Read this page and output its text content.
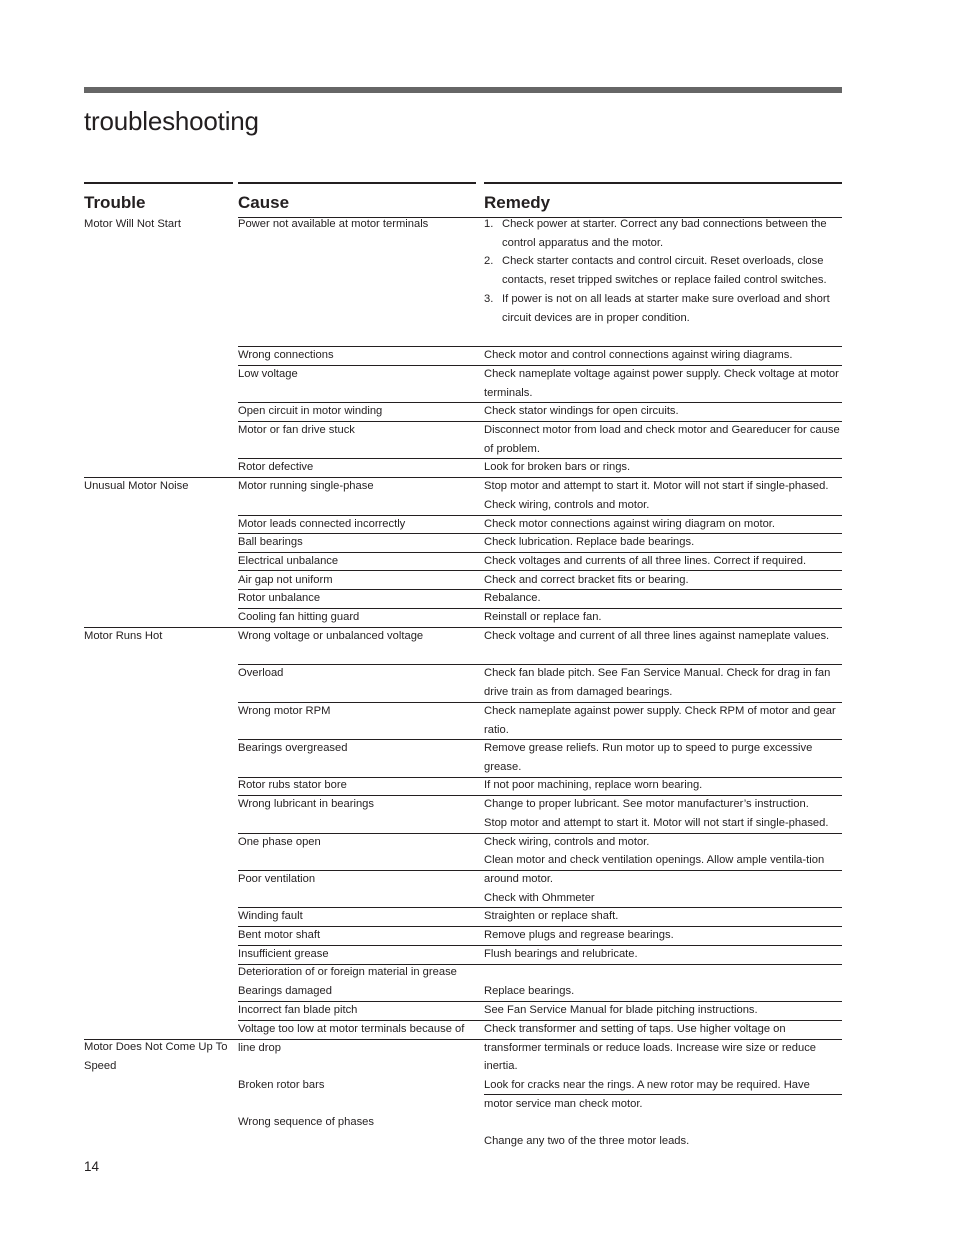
troubleshooting
Trouble	Cause	Remedy
Motor Will Not Start
Unusual Motor Noise
Motor Runs Hot
Motor Does Not Come Up To Speed
Power not available at motor terminals
Wrong connections
Low voltage
Open circuit in motor winding
Motor or fan drive stuck
Rotor defective
Motor running single-phase
Motor leads connected incorrectly
Ball bearings
Electrical unbalance
Air gap not uniform
Rotor unbalance
Cooling fan hitting guard
Wrong voltage or unbalanced voltage
Overload
Wrong motor RPM
Bearings overgreased
Rotor rubs stator bore
Wrong lubricant in bearings
One phase open
Poor ventilation
Winding fault
Bent motor shaft
Insufficient grease
Deterioration of or foreign material in grease
Bearings damaged
Incorrect fan blade pitch
Voltage too low at motor terminals because of line drop
Broken rotor bars
Wrong sequence of phases
1. Check power at starter. Correct any bad connections between the control apparatus and the motor.
2. Check starter contacts and control circuit. Reset overloads, close contacts, reset tripped switches or replace failed control switches.
3. If power is not on all leads at starter make sure overload and short circuit devices are in proper condition.
Check motor and control connections against wiring diagrams.
Check nameplate voltage against power supply. Check voltage at motor terminals.
Check stator windings for open circuits.
Disconnect motor from load and check motor and Geareducer for cause of problem.
Look for broken bars or rings.
Stop motor and attempt to start it. Motor will not start if single-phased. Check wiring, controls and motor.
Check motor connections against wiring diagram on motor.
Check lubrication. Replace bade bearings.
Check voltages and currents of all three lines. Correct if required.
Check and correct bracket fits or bearing.
Rebalance.
Reinstall or replace fan.
Check voltage and current of all three lines against nameplate values.
Check fan blade pitch. See Fan Service Manual. Check for drag in fan drive train as from damaged bearings.
Check nameplate against power supply. Check RPM of motor and gear ratio.
Remove grease reliefs. Run motor up to speed to purge excessive grease.
If not poor machining, replace worn bearing.
Change to proper lubricant. See motor manufacturer’s instruction.
Stop motor and attempt to start it. Motor will not start if single-phased. Check wiring, controls and motor.
Clean motor and check ventilation openings. Allow ample ventila-tion around motor.
Check with Ohmmeter
Straighten or replace shaft.
Remove plugs and regrease bearings.
Flush bearings and relubricate.
Replace bearings.
See Fan Service Manual for blade pitching instructions.
Check transformer and setting of taps. Use higher voltage on transformer terminals or reduce loads. Increase wire size or reduce inertia.
Look for cracks near the rings. A new rotor may be required. Have motor service man check motor.
Change any two of the three motor leads.
14
